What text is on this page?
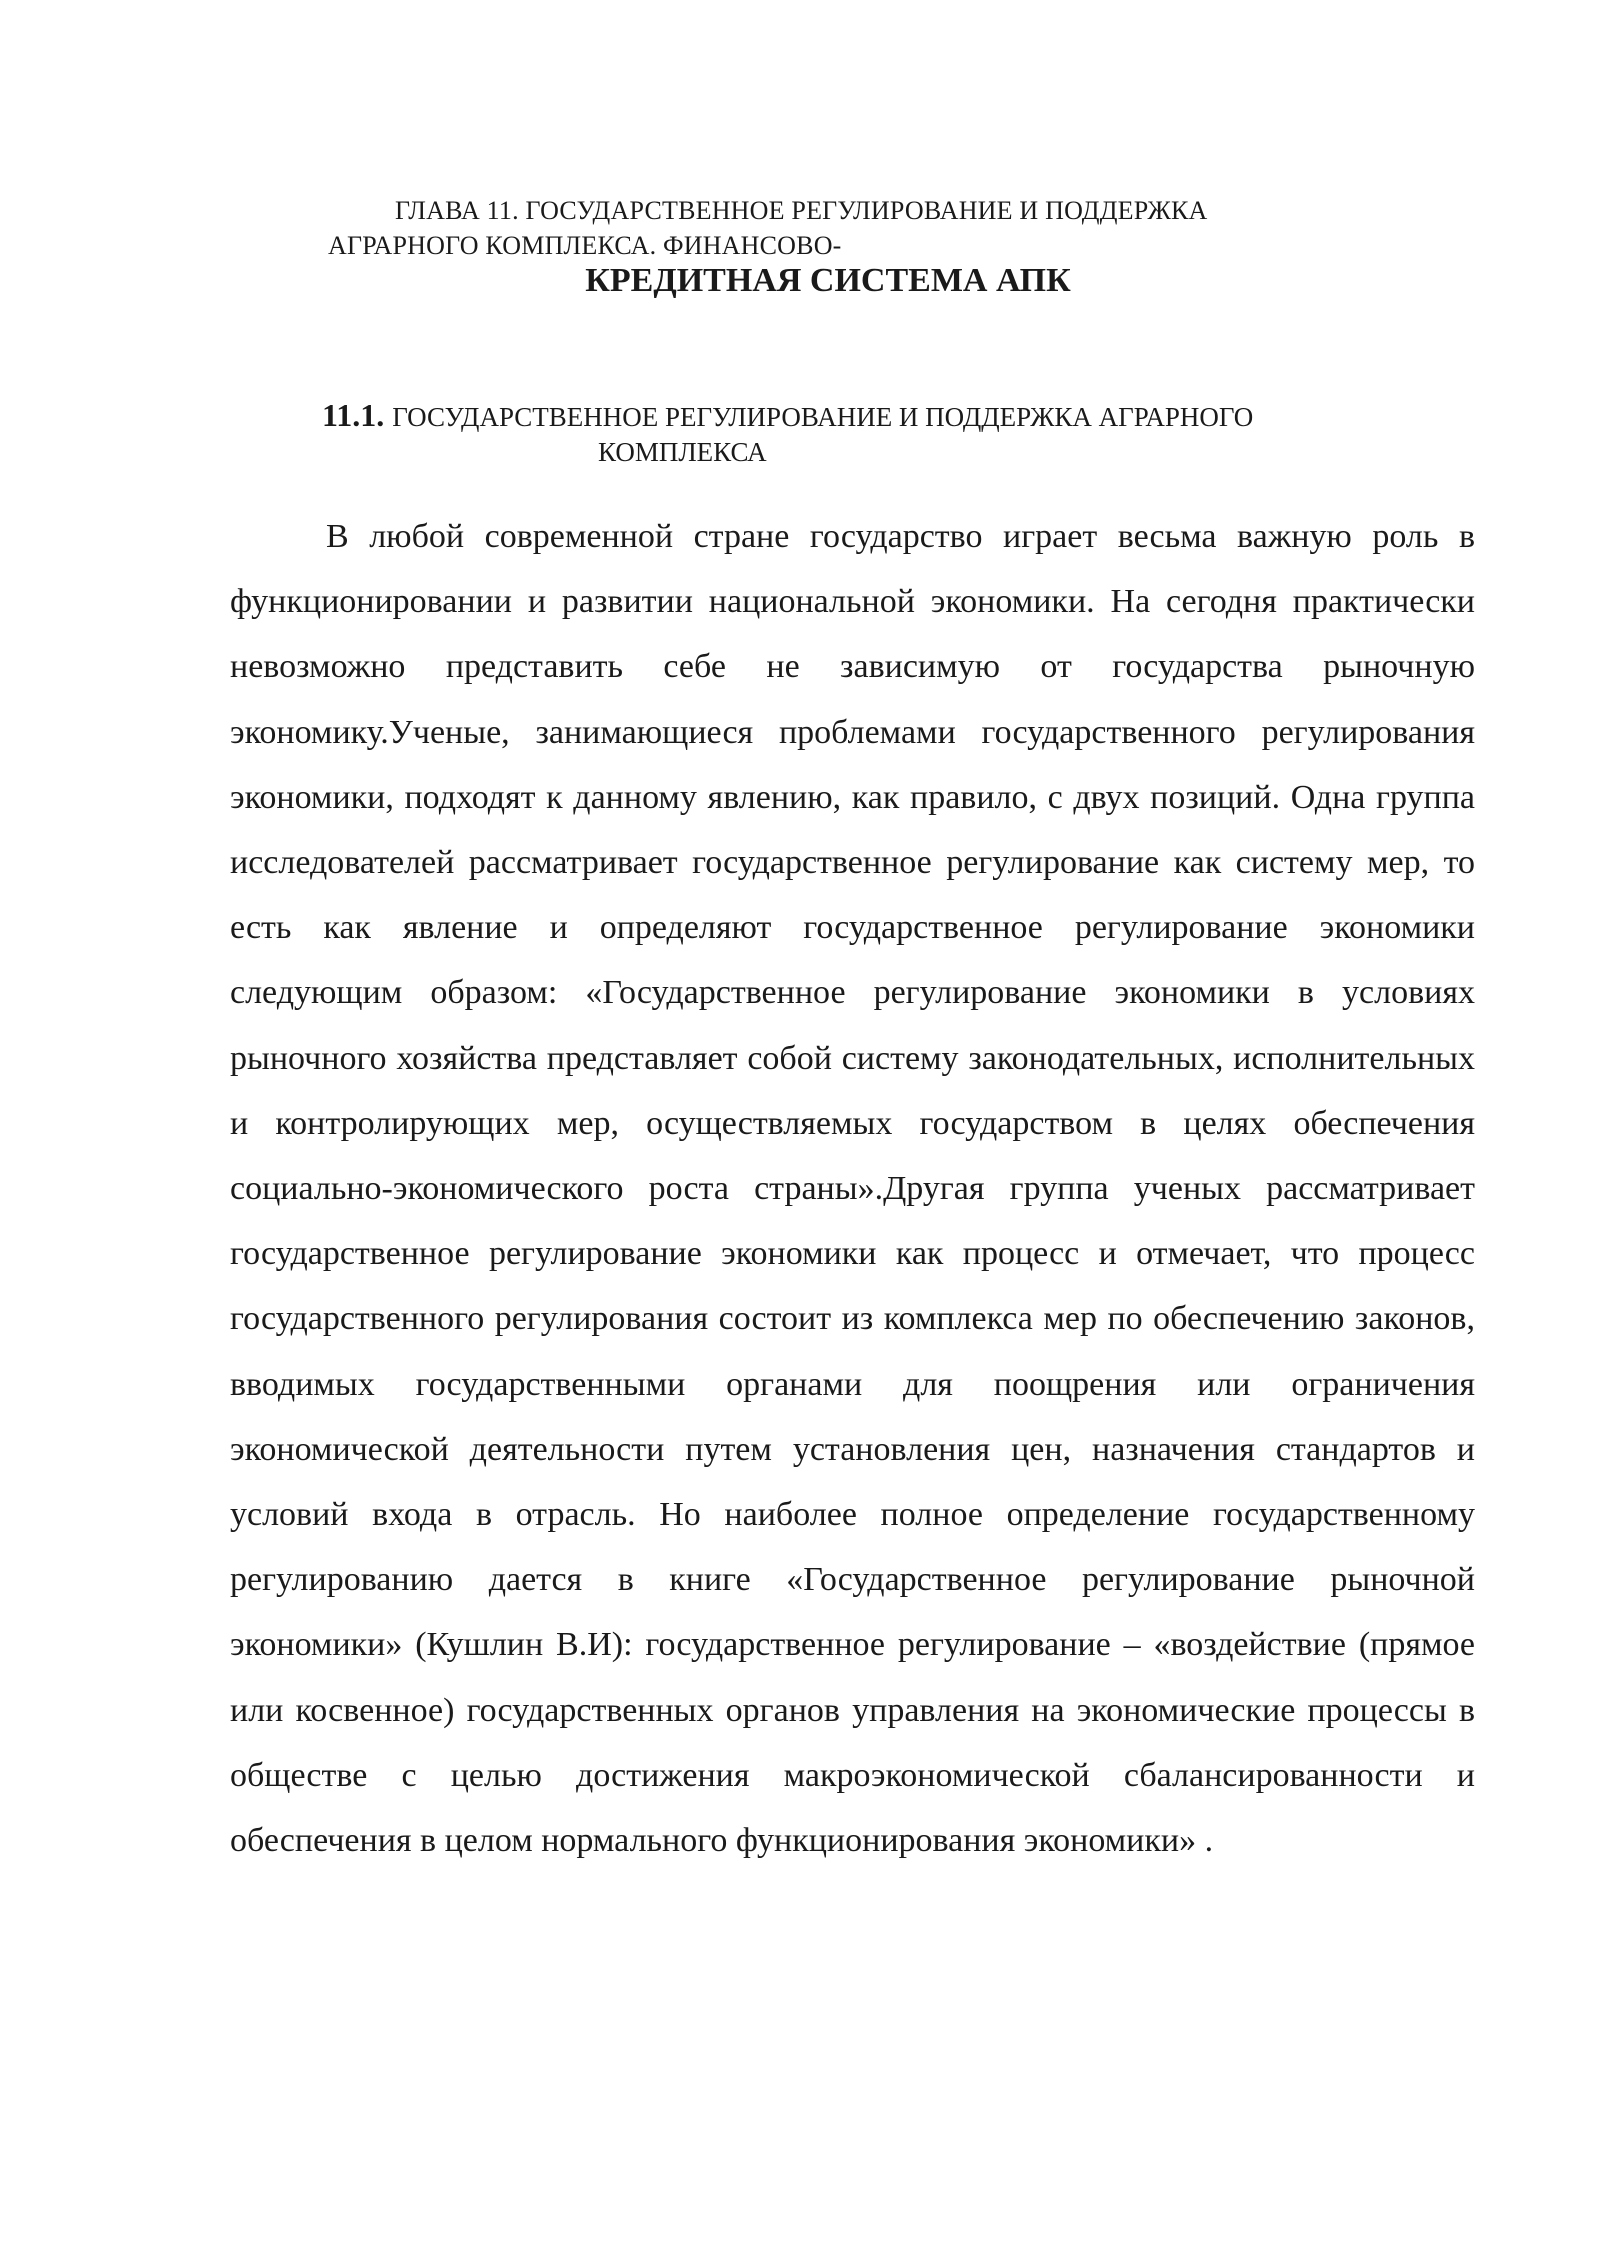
ГЛАВА 11. ГОСУДАРСТВЕННОЕ РЕГУЛИРОВАНИЕ И ПОДДЕРЖКА
АГРАРНОГО КОМПЛЕКСА. ФИНАНСОВО-
КРЕДИТНАЯ СИСТЕМА АПК
11.1. ГОСУДАРСТВЕННОЕ РЕГУЛИРОВАНИЕ И ПОДДЕРЖКА АГРАРНОГО
КОМПЛЕКСА

В любой современной стране государство играет весьма важную роль в функционировании и развитии национальной экономики. На сегодня практически невозможно представить себе не зависимую от государства рыночную экономику.Ученые, занимающиеся проблемами государственного регулирования экономики, подходят к данному явлению, как правило, с двух позиций. Одна группа исследователей рассматривает государственное регулирование как систему мер, то есть как явление и определяют государственное регулирование экономики следующим образом: «Государственное регулирование экономики в условиях рыночного хозяйства представляет собой систему законодательных, исполнительных и контролирующих мер, осуществляемых государством в целях обеспечения социально-экономического роста страны».Другая группа ученых рассматривает государственное регулирование экономики как процесс и отмечает, что процесс государственного регулирования состоит из комплекса мер по обеспечению законов, вводимых государственными органами для поощрения или ограничения экономической деятельности путем установления цен, назначения стандартов и условий входа в отрасль. Но наиболее полное определение государственному регулированию дается в книге «Государственное регулирование рыночной экономики» (Кушлин В.И): государственное регулирование – «воздействие (прямое или косвенное) государственных органов управления на экономические процессы в обществе с целью достижения макроэкономической сбалансированности и обеспечения в целом нормального функционирования экономики» .
